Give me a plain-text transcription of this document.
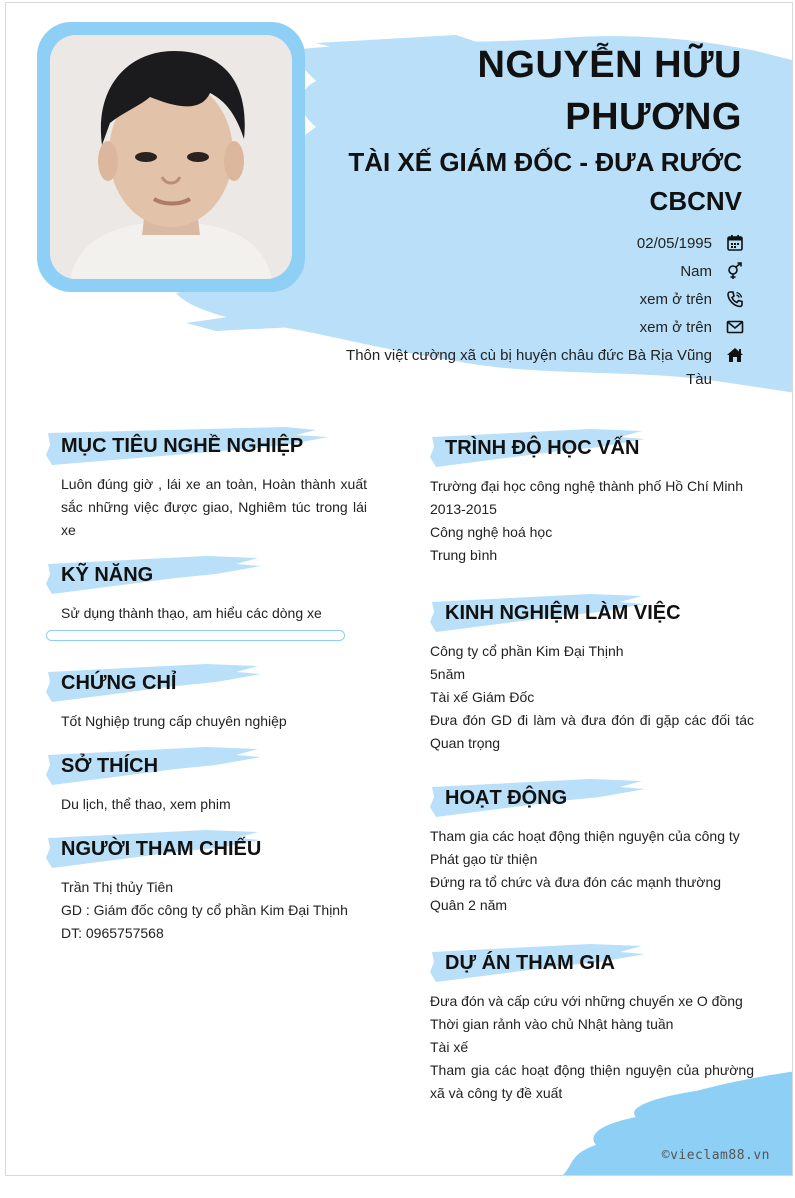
NGUYỄN HỮU PHƯƠNG
TÀI XẾ GIÁM ĐỐC - ĐƯA RƯỚC CBCNV
02/05/1995
Nam
xem ở trên
xem ở trên
Thôn việt cường xã cù bị huyện châu đức Bà Rịa Vũng Tàu
MỤC TIÊU NGHỀ NGHIỆP
Luôn đúng giờ , lái xe an toàn, Hoàn thành xuất sắc những việc được giao, Nghiêm túc trong lái xe
KỸ NĂNG
Sử dụng thành thạo, am hiểu các dòng xe
CHỨNG CHỈ
Tốt Nghiệp trung cấp chuyên nghiệp
SỞ THÍCH
Du lịch, thể thao, xem phim
NGƯỜI THAM CHIẾU
Trần Thị thủy Tiên
GD : Giám đốc công ty cổ phần Kim Đại Thịnh
DT: 0965757568
TRÌNH ĐỘ HỌC VẤN
Trường đại học công nghệ thành phố Hồ Chí Minh
2013-2015
Công nghệ hoá học
Trung bình
KINH NGHIỆM LÀM VIỆC
Công ty cổ phần Kim Đại Thịnh
5năm
Tài xế Giám Đốc
Đưa đón GD đi làm và đưa đón đi gặp các đối tác Quan trọng
HOẠT ĐỘNG
Tham gia các hoạt động thiện nguyện của công ty
Phát gạo từ thiện
Đứng ra tổ chức và đưa đón các mạnh thường Quân 2 năm
DỰ ÁN THAM GIA
Đưa đón và cấp cứu với những chuyến xe O đồng
Thời gian rảnh vào chủ Nhật hàng tuần
Tài xế
Tham gia các hoạt động thiện nguyện của phường xã và công ty đề xuất
©vieclam88.vn
